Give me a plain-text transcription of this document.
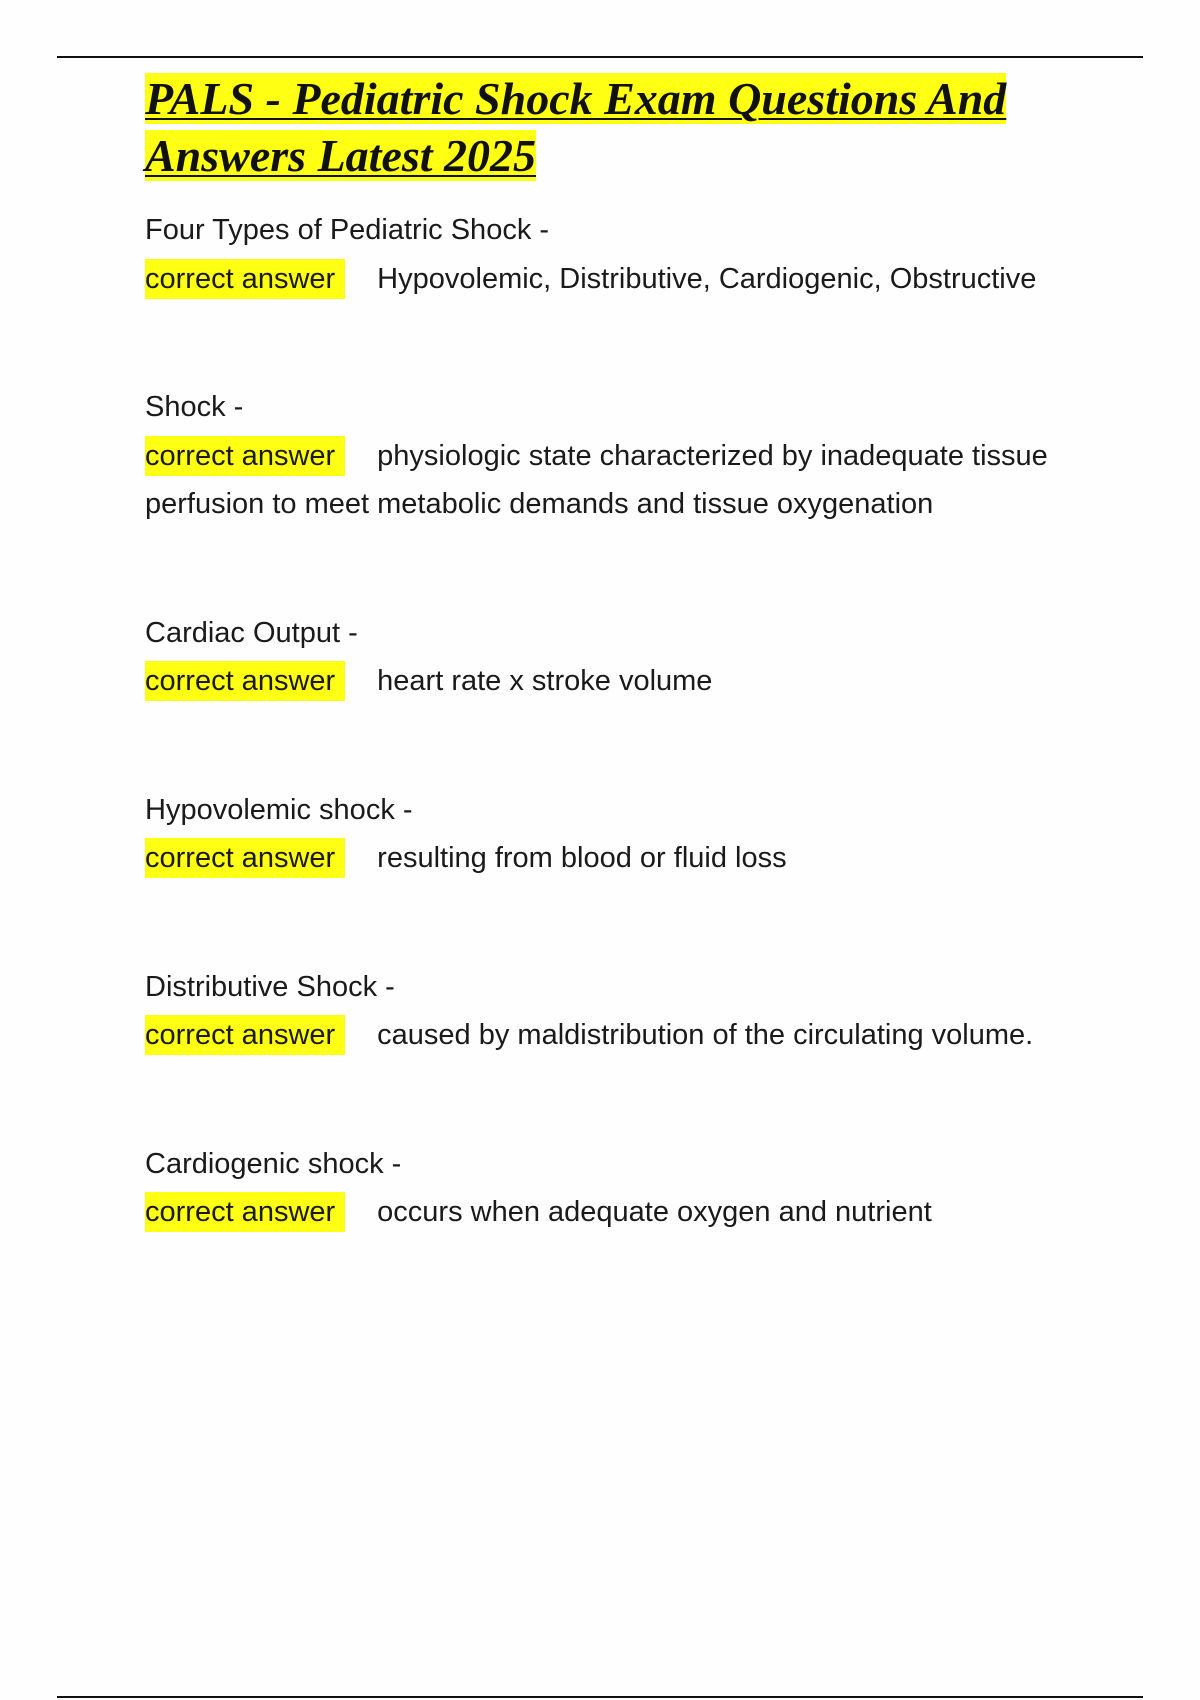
PALS - Pediatric Shock Exam Questions And Answers Latest 2025

Four Types of Pediatric Shock -

correct answer Hypovolemic, Distributive, Cardiogenic, Obstructive

Shock -

correct answer physiologic state characterized by inadequate tissue perfusion to meet metabolic demands and tissue oxygenation

Cardiac Output -

correct answer heart rate x stroke volume

Hypovolemic shock -

correct answer resulting from blood or fluid loss

Distributive Shock -

correct answer caused by maldistribution of the circulating volume.

Cardiogenic shock -

correct answer occurs when adequate oxygen and nutrient
